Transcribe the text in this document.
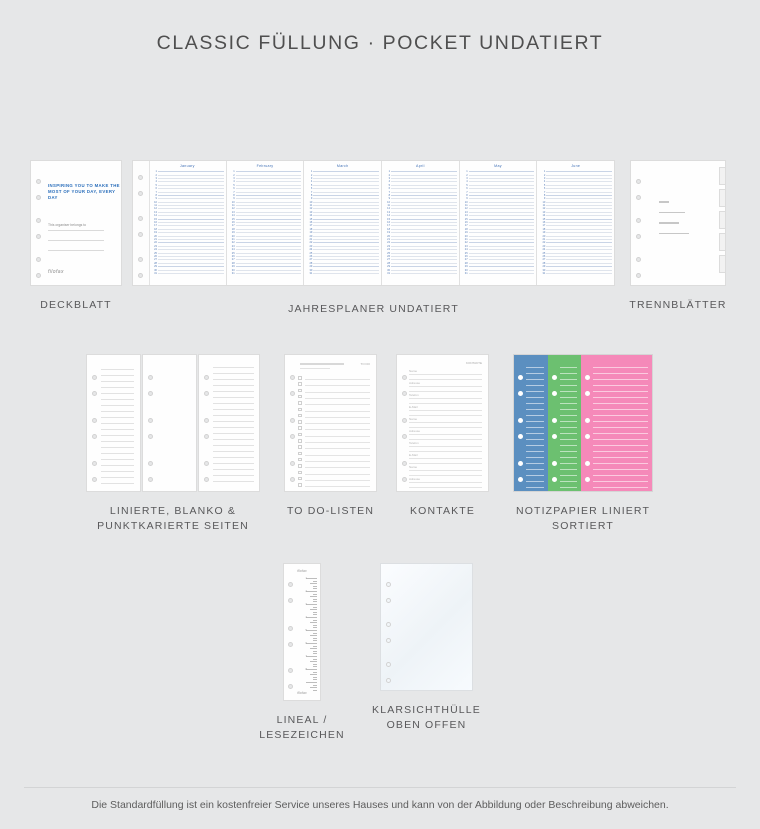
CLASSIC FÜLLUNG · POCKET UNDATIERT
INSPIRING YOU TO MAKE THE MOST OF YOUR DAY, EVERY DAY
This organiser belongs to
filofax
DECKBLATT
January
1
2
3
4
5
6
7
8
9
10
11
12
13
14
15
16
17
18
19
20
21
22
23
24
25
26
27
28
29
30
31
February
1
2
3
4
5
6
7
8
9
10
11
12
13
14
15
16
17
18
19
20
21
22
23
24
25
26
27
28
29
30
31
March
1
2
3
4
5
6
7
8
9
10
11
12
13
14
15
16
17
18
19
20
21
22
23
24
25
26
27
28
29
30
31
April
1
2
3
4
5
6
7
8
9
10
11
12
13
14
15
16
17
18
19
20
21
22
23
24
25
26
27
28
29
30
31
May
1
2
3
4
5
6
7
8
9
10
11
12
13
14
15
16
17
18
19
20
21
22
23
24
25
26
27
28
29
30
31
June
1
2
3
4
5
6
7
8
9
10
11
12
13
14
15
16
17
18
19
20
21
22
23
24
25
26
27
28
29
30
31
JAHRESPLANER UNDATIERT	TRENNBLÄTTER
LINIERTE, BLANKO &
PUNKTKARIERTE SEITEN
TO DO
TO DO-LISTEN
KONTAKTE
Name
Adresse
Telefon
E-Mail
Name
Adresse
Telefon
E-Mail
Name
Adresse
KONTAKTE	NOTIZPAPIER LINIERT
SORTIERT
filofax
filofax
1
2
3
4
5
6
7
8
LINEAL /
LESEZEICHEN
KLARSICHTHÜLLE
OBEN OFFEN
Die Standardfüllung ist ein kostenfreier Service unseres Hauses und kann von der Abbildung oder Beschreibung abweichen.
